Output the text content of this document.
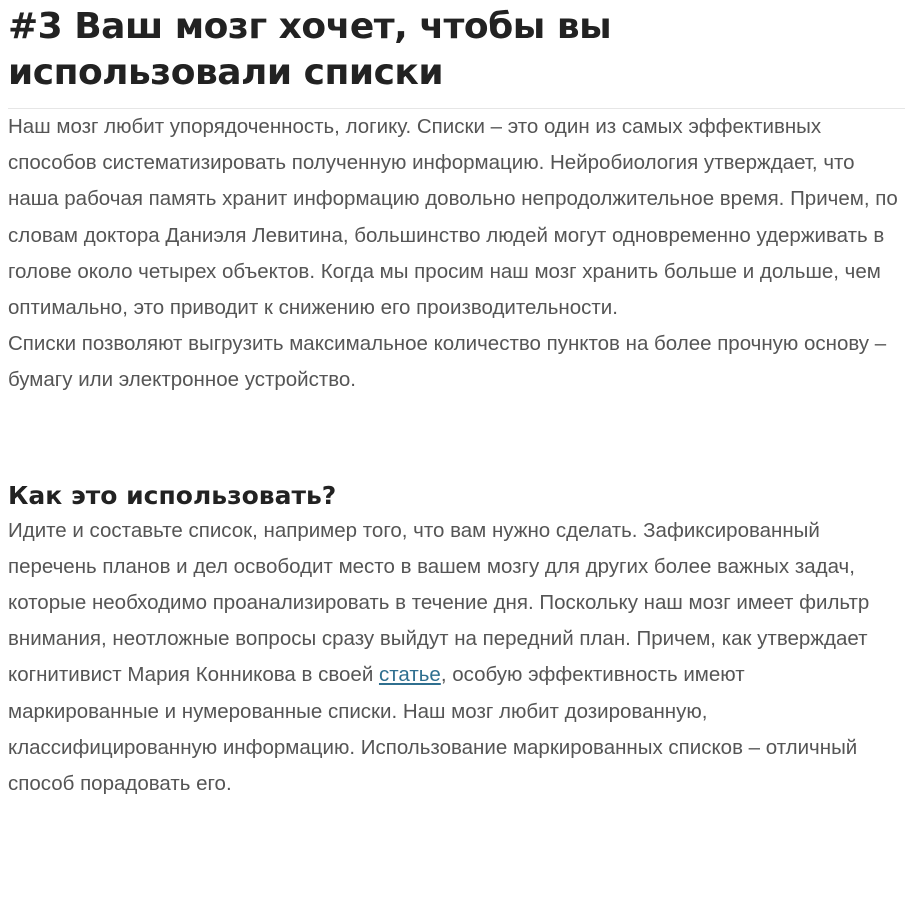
#3 Ваш мозг хочет, чтобы вы использовали списки

Наш мозг любит упорядоченность, логику. Списки – это один из самых эффективных способов систематизировать полученную информацию. Нейробиология утверждает, что наша рабочая память хранит информацию довольно непродолжительное время. Причем, по словам доктора Даниэля Левитина, большинство людей могут одновременно удерживать в голове около четырех объектов. Когда мы просим наш мозг хранить больше и дольше, чем оптимально, это приводит к снижению его производительности.

Списки позволяют выгрузить максимальное количество пунктов на более прочную основу – бумагу или электронное устройство.

Как это использовать?

Идите и составьте список, например того, что вам нужно сделать. Зафиксированный перечень планов и дел освободит место в вашем мозгу для других более важных задач, которые необходимо проанализировать в течение дня. Поскольку наш мозг имеет фильтр внимания, неотложные вопросы сразу выйдут на передний план. Причем, как утверждает когнитивист Мария Конникова в своей статье, особую эффективность имеют маркированные и нумерованные списки. Наш мозг любит дозированную, классифицированную информацию. Использование маркированных списков – отличный способ порадовать его.
